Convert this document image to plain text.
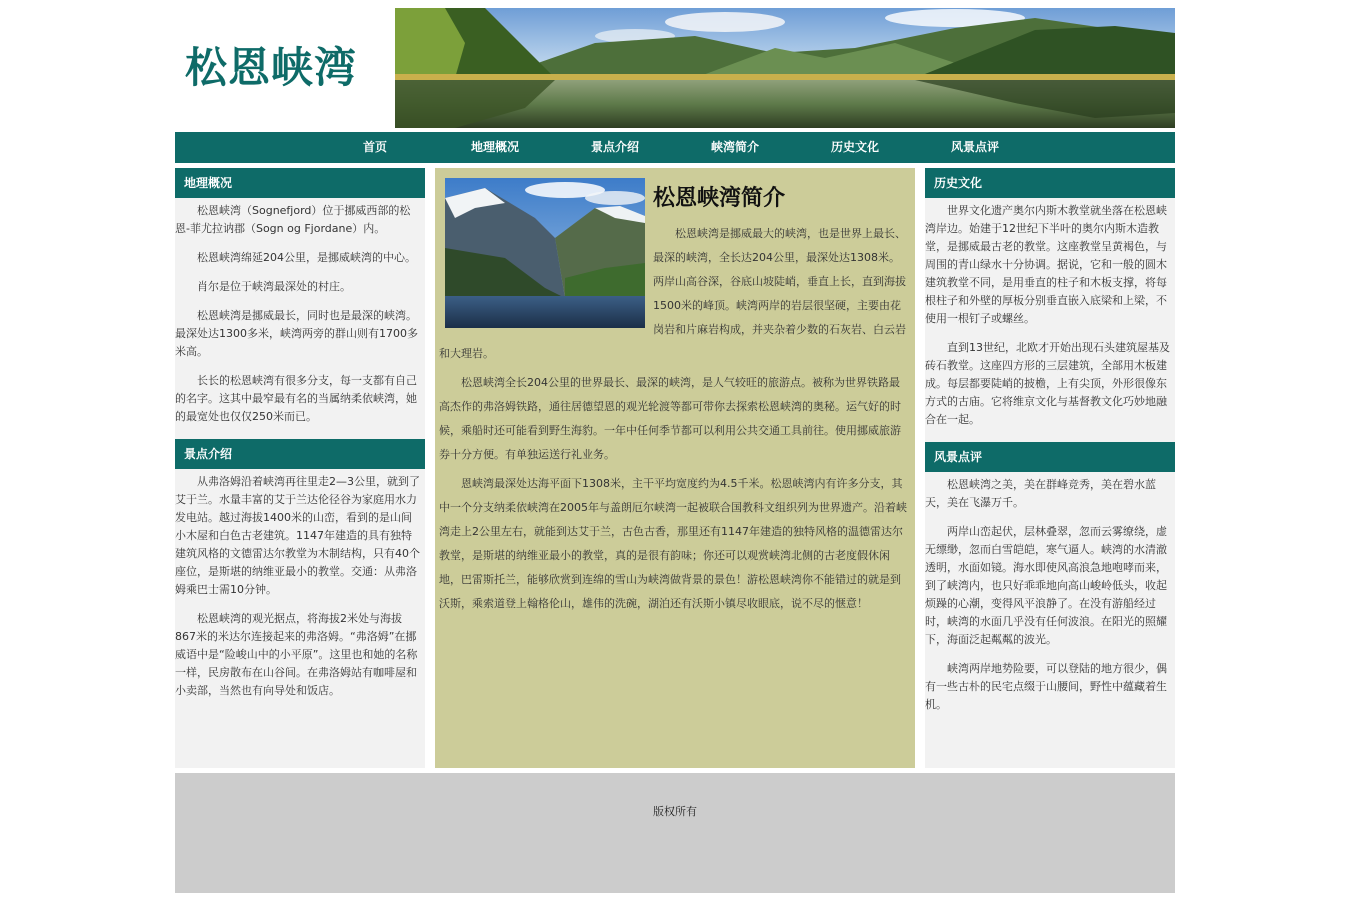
松恩峡湾
首页	地理概况	景点介绍	峡湾简介	历史文化	风景点评
地理概况

松恩峡湾（Sognefjord）位于挪威西部的松恩-菲尤拉讷郡（Sogn og Fjordane）内。

松恩峡湾绵延204公里，是挪威峡湾的中心。

肖尔是位于峡湾最深处的村庄。

松恩峡湾是挪威最长，同时也是最深的峡湾。最深处达1300多米，峡湾两旁的群山则有1700多米高。

长长的松恩峡湾有很多分支，每一支都有自己的名字。这其中最窄最有名的当属纳柔依峡湾，她的最宽处也仅仅250米而已。

景点介绍

从弗洛姆沿着峡湾再往里走2—3公里，就到了艾于兰。水量丰富的艾于兰达伦径谷为家庭用水力发电站。越过海拔1400米的山峦，看到的是山间小木屋和白色古老建筑。1147年建造的具有独特建筑风格的文德雷达尔教堂为木制结构，只有40个座位，是斯堪的纳维亚最小的教堂。交通：从弗洛姆乘巴士需10分钟。

松恩峡湾的观光据点，将海拔2米处与海拔867米的米达尔连接起来的弗洛姆。“弗洛姆”在挪威语中是“险峻山中的小平原”。这里也和她的名称一样，民房散布在山谷间。在弗洛姆站有咖啡屋和小卖部，当然也有向导处和饭店。

松恩峡湾简介

松恩峡湾是挪威最大的峡湾，也是世界上最长、最深的峡湾，全长达204公里，最深处达1308米。两岸山高谷深，谷底山坡陡峭，垂直上长，直到海拔1500米的峰顶。峡湾两岸的岩层很坚硬，主要由花岗岩和片麻岩构成，并夹杂着少数的石灰岩、白云岩和大理岩。

松恩峡湾全长204公里的世界最长、最深的峡湾，是人气较旺的旅游点。被称为世界铁路最高杰作的弗洛姆铁路，通往居德望恩的观光轮渡等都可带你去探索松恩峡湾的奥秘。运气好的时候，乘船时还可能看到野生海豹。一年中任何季节都可以利用公共交通工具前往。使用挪威旅游券十分方便。有单独运送行礼业务。

恩峡湾最深处达海平面下1308米，主干平均宽度约为4.5千米。松恩峡湾内有许多分支，其中一个分支纳柔依峡湾在2005年与盖朗厄尔峡湾一起被联合国教科文组织列为世界遗产。沿着峡湾走上2公里左右，就能到达艾于兰，古色古香，那里还有1147年建造的独特风格的温德雷达尔教堂，是斯堪的纳维亚最小的教堂，真的是很有韵味；你还可以观赏峡湾北侧的古老度假休闲地，巴雷斯托兰，能够欣赏到连绵的雪山为峡湾做背景的景色！游松恩峡湾你不能错过的就是到沃斯，乘索道登上翰格伦山，雄伟的洗碗，湖泊还有沃斯小镇尽收眼底，说不尽的惬意！

历史文化

世界文化遗产奥尔内斯木教堂就坐落在松恩峡湾岸边。始建于12世纪下半叶的奥尔内斯木造教堂，是挪威最古老的教堂。这座教堂呈黄褐色，与周围的青山绿水十分协调。据说，它和一般的圆木建筑教堂不同，是用垂直的柱子和木板支撑，将每根柱子和外壁的厚板分别垂直嵌入底梁和上梁，不使用一根钉子或螺丝。

直到13世纪，北欧才开始出现石头建筑屋基及砖石教堂。这座四方形的三层建筑，全部用木板建成。每层都要陡峭的披檐，上有尖顶，外形很像东方式的古庙。它将维京文化与基督教文化巧妙地融合在一起。

风景点评

松恩峡湾之美，美在群峰竞秀，美在碧水蓝天，美在飞瀑万千。

两岸山峦起伏，层林叠翠，忽而云雾缭绕，虚无缥缈，忽而白雪皑皑，寒气逼人。峡湾的水清澈透明，水面如镜。海水即使风高浪急地咆哮而来，到了峡湾内，也只好乖乖地向高山峻岭低头，收起烦躁的心潮，变得风平浪静了。在没有游船经过时，峡湾的水面几乎没有任何波浪。在阳光的照耀下，海面泛起粼粼的波光。

峡湾两岸地势险要，可以登陆的地方很少，偶有一些古朴的民宅点缀于山腰间，野性中蕴藏着生机。

版权所有
